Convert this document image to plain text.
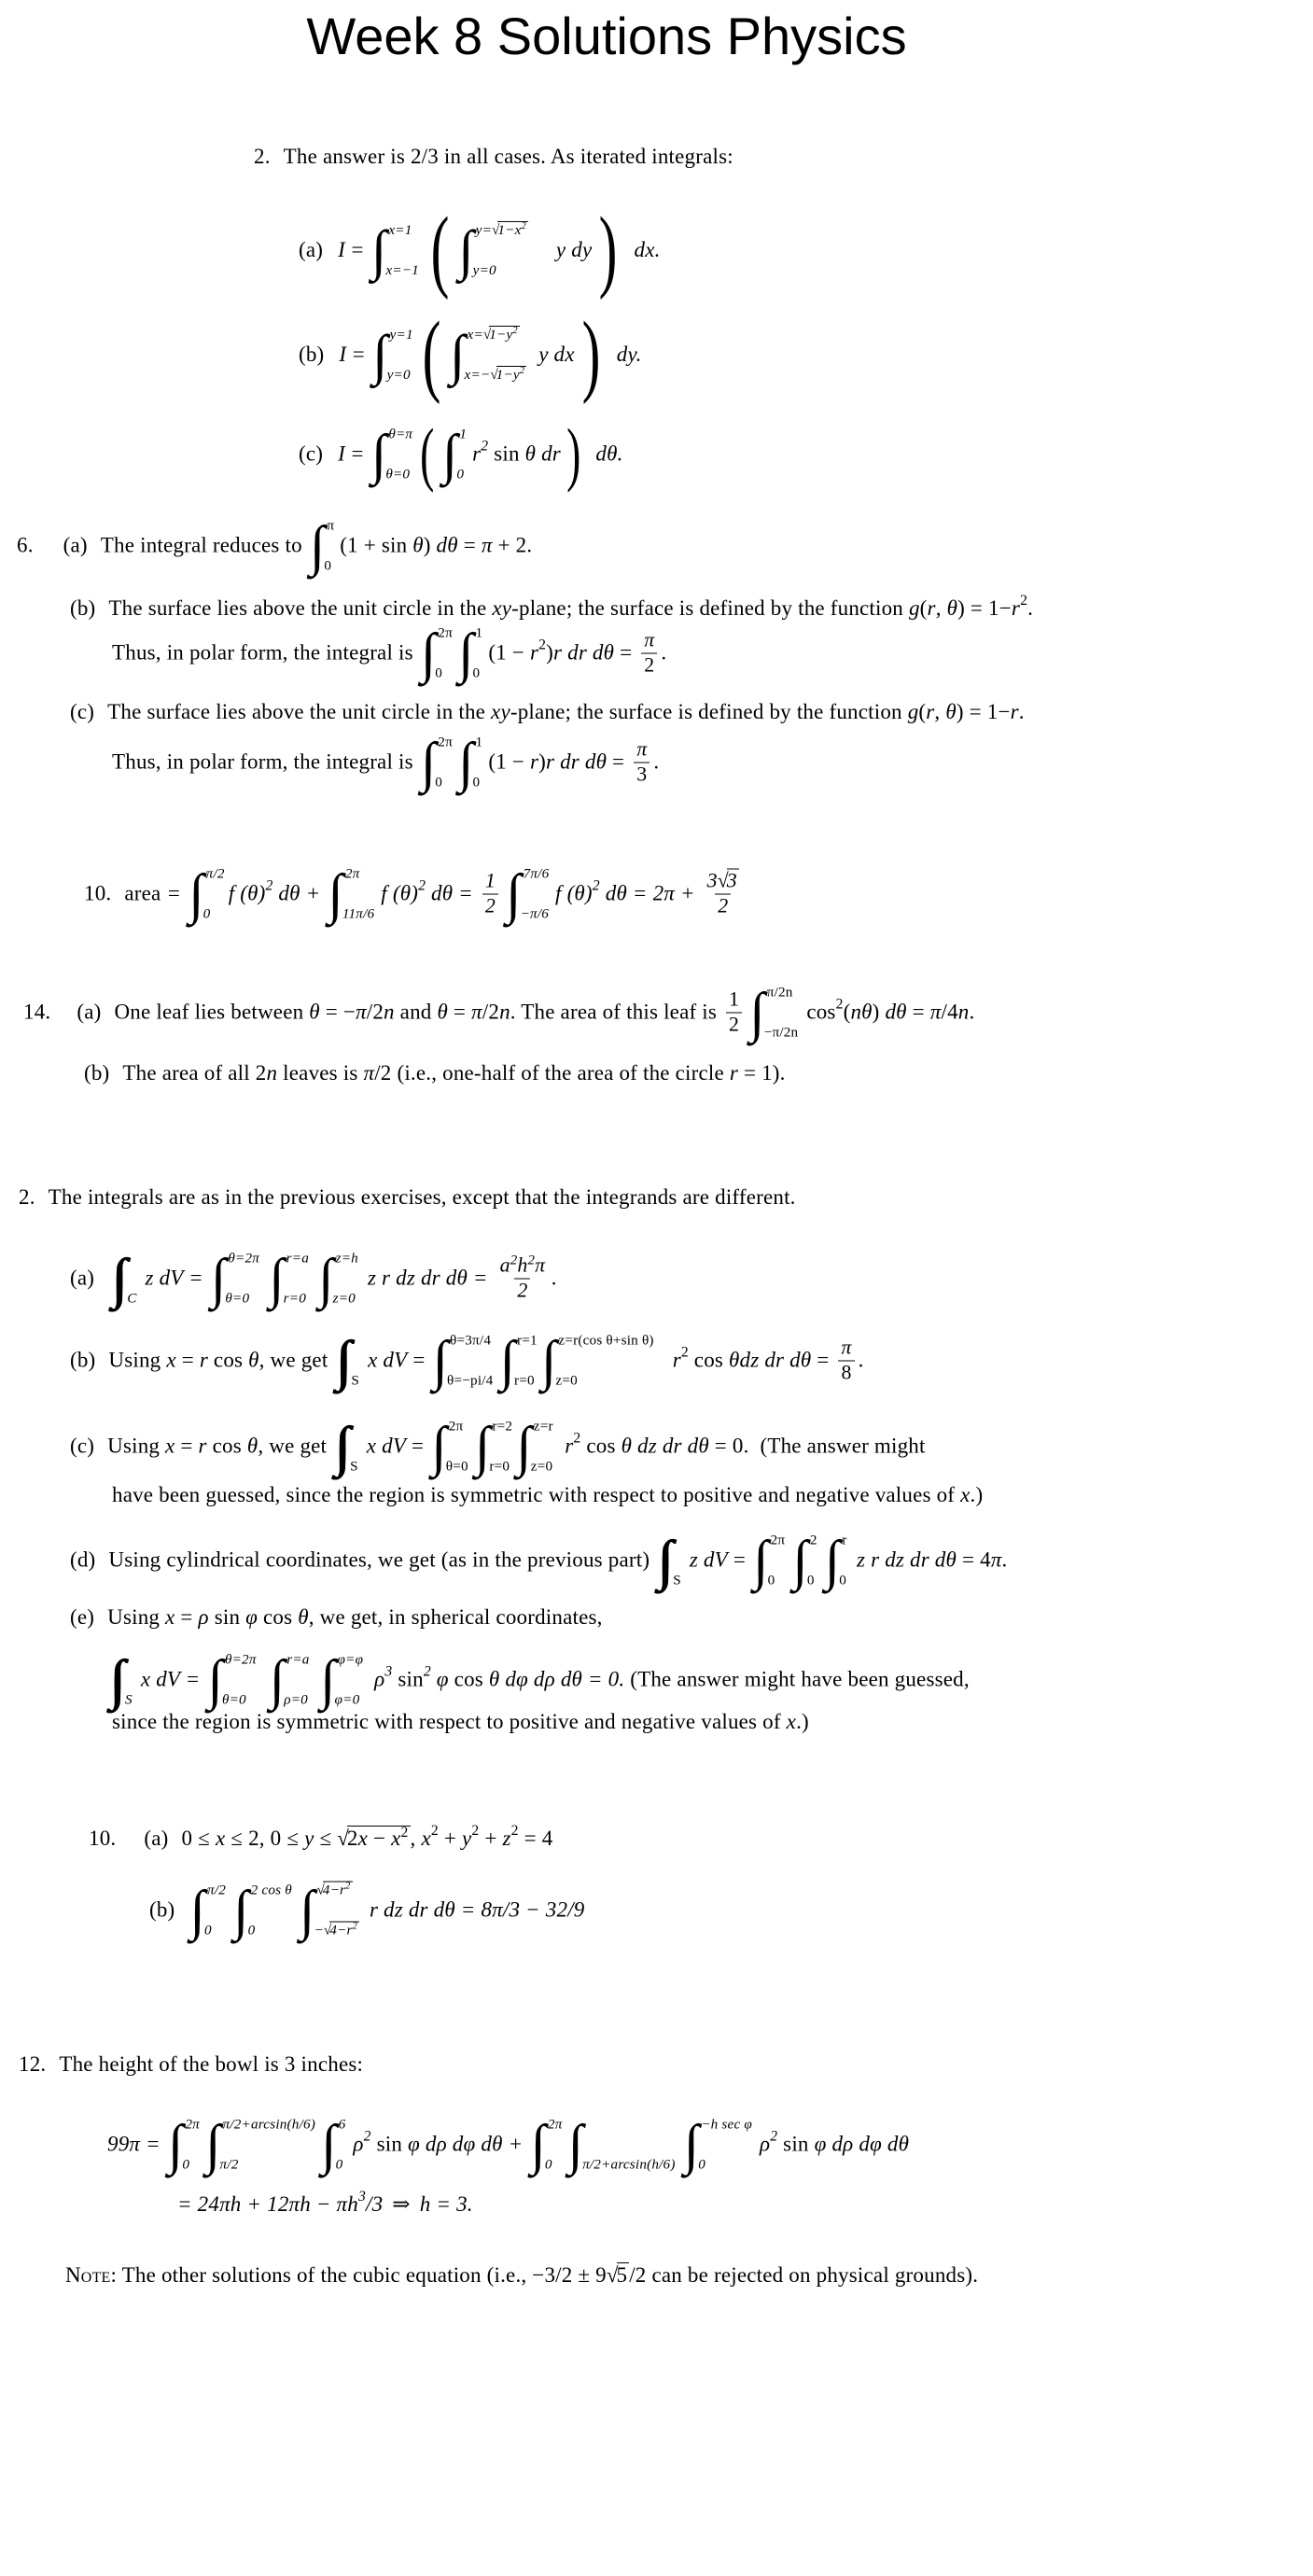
Week 8 Solutions Physics
2. The answer is 2/3 in all cases. As iterated integrals:
(a) I = ∫ x=1
x=−1 ( ∫ $y=√1-x^2$
y=0
y dy ) dx.
(b) I = ∫ y=1
y=0 ( ∫ $x=√1-y^2$
$x=-√1-y^2$
y dx ) dy.
(c) I = ∫ θ=π
θ=0 ( ∫ 1
0
r 2 sin θ dr ) dθ.
6. (a) The integral reduces to ∫ π
0
(1 + sin θ ) dθ = π + 2.
(b) The surface lies above the unit circle in the xy -plane; the surface is defined by the function g ( r , θ ) = 1− r 2 .
Thus, in polar form, the integral is ∫ 2π
0 ∫ 1
0
(1 − r 2 ) r dr $d\theta = \frac{\pi}{2}$ .
(c) The surface lies above the unit circle in the xy -plane; the surface is defined by the function g ( r , θ ) = 1− r .
Thus, in polar form, the integral is ∫ 2π
0 ∫ 1
0
(1 − r ) r dr $d\theta = \frac{\pi}{3}$ .
10. area = ∫ π/2
0
f (θ) 2 dθ + ∫ 2π
11π/6
f (θ) 2 $d\theta = \frac{1}{2}$ ∫ 7π/6
−π/6
f (θ) 2 $d\theta = 2\pi + \frac{3√3}{2}$
14. (a) One leaf lies between θ = − π /2 n and θ = π /2 n . The area of this leaf is $\frac{1}{2}$ ∫ π/2n
−π/2n
cos 2 ( nθ ) dθ = π /4 n .
(b) The area of all 2 n leaves is π /2 (i.e., one-half of the area of the circle r = 1).
2. The integrals are as in the previous exercises, except that the integrands are different.
(a) ∫∫∫ C
z dV = ∫ θ=2π
θ=0 ∫ r=a
r=0 ∫ z=h
z=0
z r dz dr $d\theta = \frac{a^2h^2\pi}{2}$ .
(b) Using x = r cos θ , we get ∫∫∫ S
x dV = ∫ θ=3π/4
θ=−pi/4 ∫ r=1
r=0 ∫ z=r(cos θ+sin θ)
z=0
r 2 cos θ dz dr $d\theta = \frac{\pi}{8}$ .
(c) Using x = r cos θ , we get ∫∫∫ S
x dV = ∫ 2π
θ=0 ∫ r=2
r=0 ∫ z=r
z=0
r 2 cos θ dz dr dθ = 0.  (The answer might
have been guessed, since the region is symmetric with respect to positive and negative values of x .)
(d) Using cylindrical coordinates, we get (as in the previous part) ∫∫∫ S
z dV = ∫ 2π
0 ∫ 2
0 ∫ r
0
z r dz dr dθ = 4 π .
(e) Using x = ρ sin φ cos θ , we get, in spherical coordinates,
∫∫∫ S
x dV = ∫ θ=2π
θ=0 ∫ r=a
ρ=0 ∫ φ=φ
φ=0
ρ 3 sin 2 φ cos θ dφ dρ dθ = 0. (The answer might have been guessed,
since the region is symmetric with respect to positive and negative values of x .)
10. (a) 0 ≤ x ≤ 2, $0 \le y \le √2x - x^2$ , x 2 + y 2 + z 2 = 4
(b) ∫ π/2
0 ∫ 2 cos θ
0 ∫ $√4-r^2$
$-√4-r^2$
r dz dr dθ = 8π/3 − 32/9
12. The height of the bowl is 3 inches:
99π = ∫ 2π
0 ∫ π/2+arcsin(h/6)
π/2 ∫ 6
0
ρ 2 sin φ dρ dφ dθ + ∫ 2π
0 ∫
π/2+arcsin(h/6) ∫ −h sec φ
0
ρ 2 sin φ dρ dφ dθ
= 24πh + 12πh − πh 3 /3 ⇒ h = 3.
Note : The other solutions of the cubic equation (i.e., −3/2 ± 9 √5 /2 can be rejected on physical grounds).
